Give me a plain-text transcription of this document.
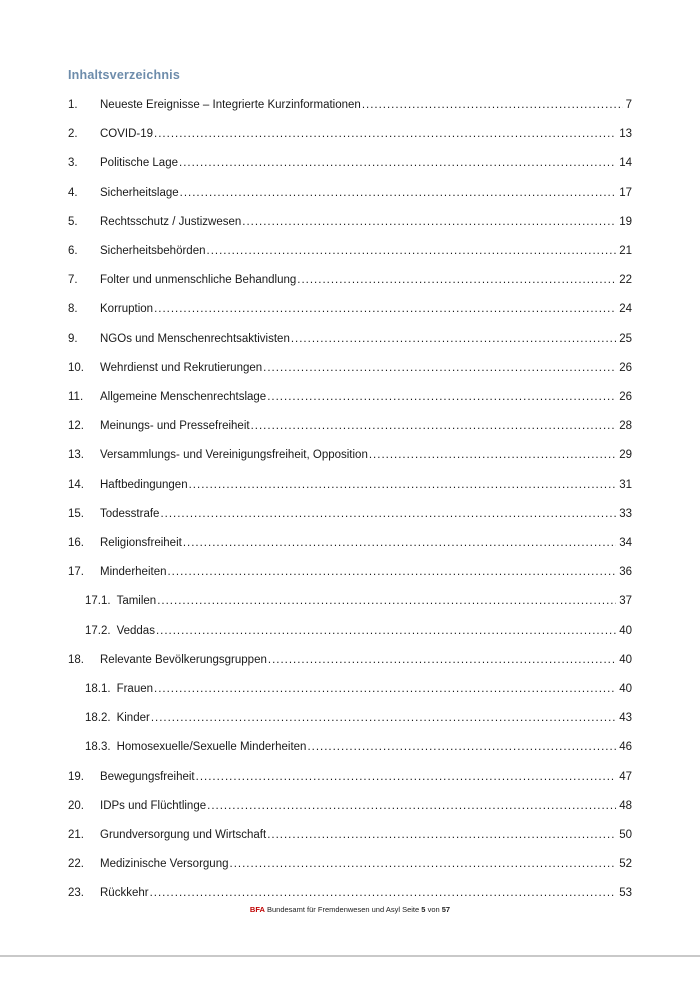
Inhaltsverzeichnis
1.	Neueste Ereignisse – Integrierte Kurzinformationen .....	7
2.	COVID-19 .....	13
3.	Politische Lage .....	14
4.	Sicherheitslage .....	17
5.	Rechtsschutz / Justizwesen .....	19
6.	Sicherheitsbehörden .....	21
7.	Folter und unmenschliche Behandlung .....	22
8.	Korruption .....	24
9.	NGOs und Menschenrechtsaktivisten .....	25
10.	Wehrdienst und Rekrutierungen .....	26
11.	Allgemeine Menschenrechtslage .....	26
12.	Meinungs- und Pressefreiheit .....	28
13.	Versammlungs- und Vereinigungsfreiheit, Opposition .....	29
14.	Haftbedingungen .....	31
15.	Todesstrafe .....	33
16.	Religionsfreiheit .....	34
17.	Minderheiten .....	36
17.1. Tamilen .....	37
17.2. Veddas .....	40
18.	Relevante Bevölkerungsgruppen .....	40
18.1. Frauen .....	40
18.2. Kinder .....	43
18.3. Homosexuelle/Sexuelle Minderheiten .....	46
19.	Bewegungsfreiheit .....	47
20.	IDPs und Flüchtlinge .....	48
21.	Grundversorgung und Wirtschaft .....	50
22.	Medizinische Versorgung .....	52
23.	Rückkehr .....	53
BFA Bundesamt für Fremdenwesen und Asyl Seite 5 von 57
